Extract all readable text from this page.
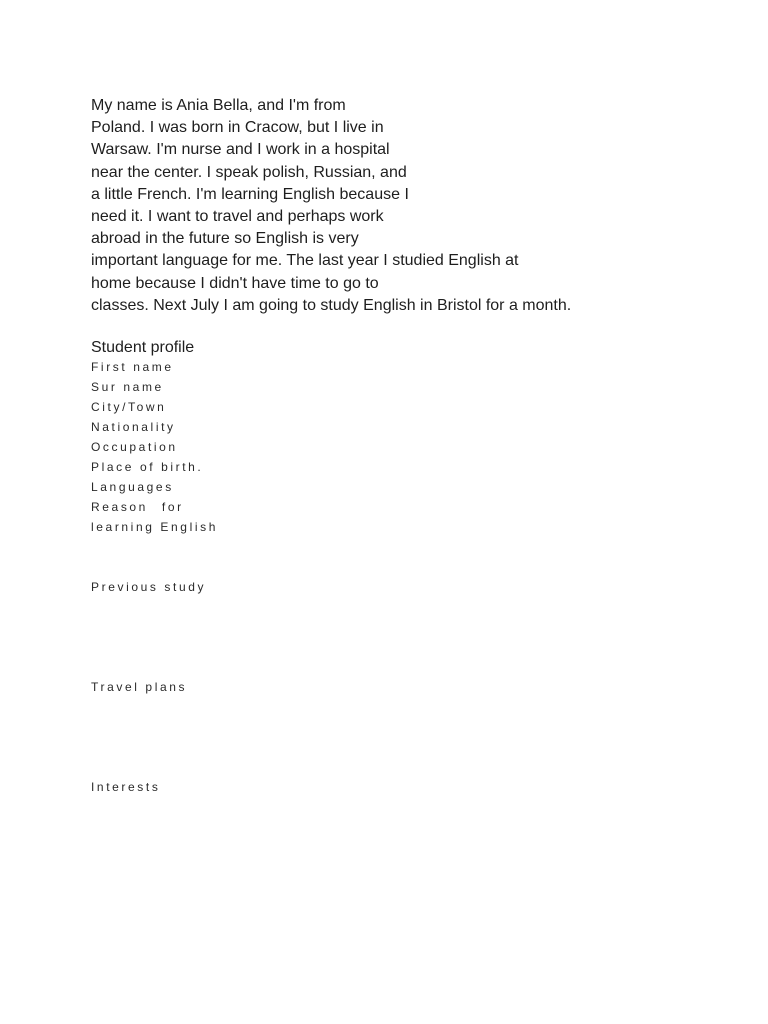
My name is Ania Bella, and I'm from
Poland. I was born in Cracow, but I live in
Warsaw. I'm nurse and I work in a hospital
near the center. I speak polish, Russian, and
a little French. I'm learning English because I
need it. I want to travel and perhaps work
abroad in the future so English is very
important language for me. The last year I studied English at
home because I didn't have time to go to
classes. Next July I am going to study English in Bristol for a month.
Student profile
First name
Sur name
City/Town
Nationality
Occupation
Place of birth.
Languages
Reason for
learning English
Previous study
Travel plans
Interests
